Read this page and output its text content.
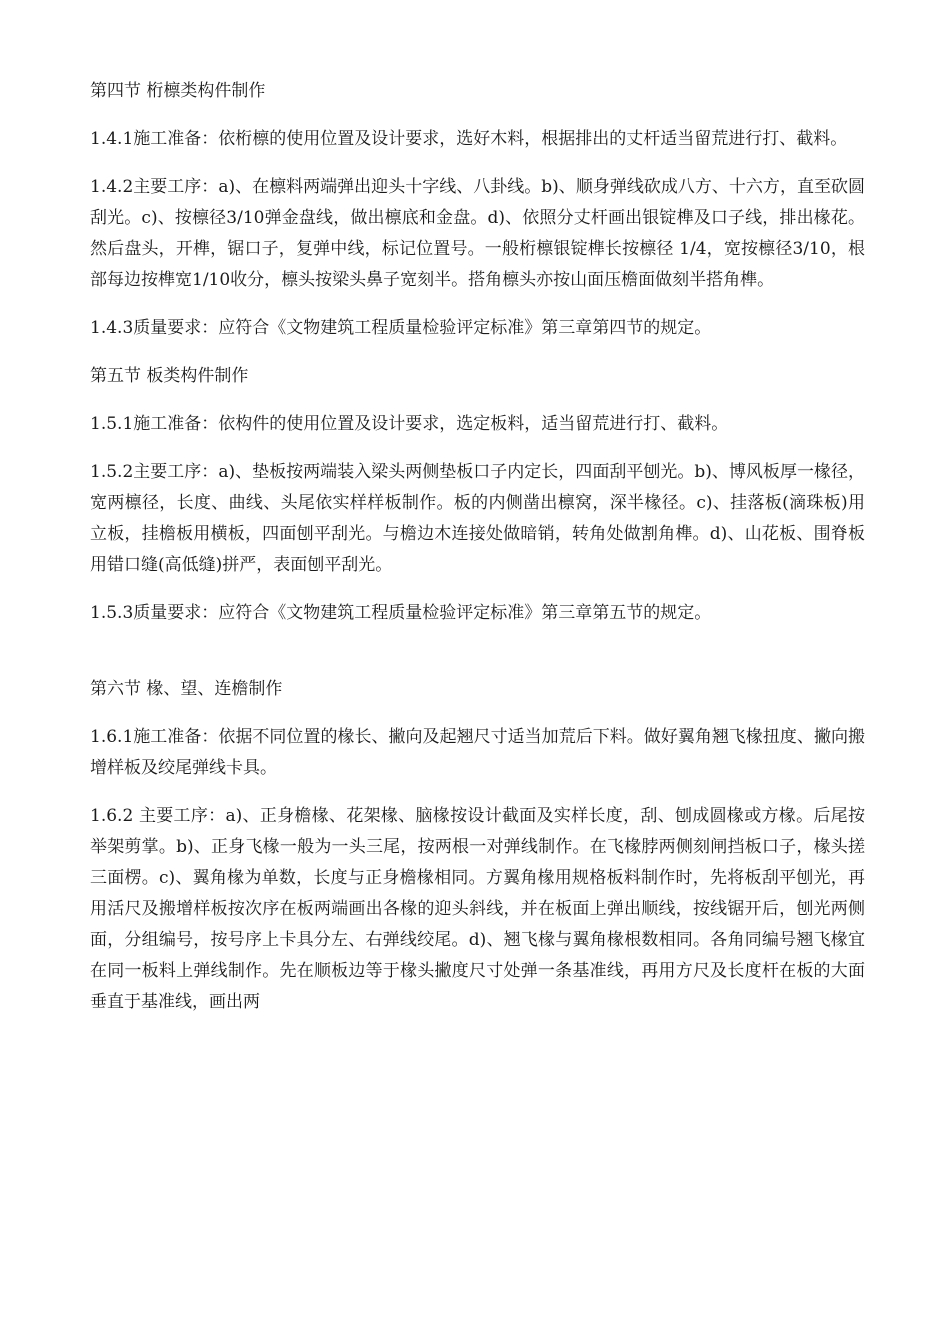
第四节 桁檩类构件制作

1.4.1施工准备：依桁檩的使用位置及设计要求，选好木料，根据排出的丈杆适当留荒进行打、截料。

1.4.2主要工序：a)、在檩料两端弹出迎头十字线、八卦线。b)、顺身弹线砍成八方、十六方，直至砍圆刮光。c)、按檩径3/10弹金盘线，做出檩底和金盘。d)、依照分丈杆画出银锭榫及口子线，排出椽花。然后盘头，开榫，锯口子，复弹中线，标记位置号。一般桁檩银锭榫长按檩径 1/4，宽按檩径3/10，根部每边按榫宽1/10收分，檩头按梁头鼻子宽刻半。搭角檩头亦按山面压檐面做刻半搭角榫。

1.4.3质量要求：应符合《文物建筑工程质量检验评定标准》第三章第四节的规定。

第五节 板类构件制作

1.5.1施工准备：依构件的使用位置及设计要求，选定板料，适当留荒进行打、截料。

1.5.2主要工序：a)、垫板按两端装入梁头两侧垫板口子内定长，四面刮平刨光。b)、博风板厚一椽径，宽两檩径，长度、曲线、头尾依实样样板制作。板的内侧凿出檩窝，深半椽径。c)、挂落板(滴珠板)用立板，挂檐板用横板，四面刨平刮光。与檐边木连接处做暗销，转角处做割角榫。d)、山花板、围脊板用错口缝(高低缝)拼严，表面刨平刮光。

1.5.3质量要求：应符合《文物建筑工程质量检验评定标准》第三章第五节的规定。

第六节 椽、望、连檐制作

1.6.1施工准备：依据不同位置的椽长、撇向及起翘尺寸适当加荒后下料。做好翼角翘飞椽扭度、撇向搬增样板及绞尾弹线卡具。

1.6.2 主要工序：a)、正身檐椽、花架椽、脑椽按设计截面及实样长度，刮、刨成圆椽或方椽。后尾按举架剪掌。b)、正身飞椽一般为一头三尾，按两根一对弹线制作。在飞椽脖两侧刻闸挡板口子，椽头搓三面楞。c)、翼角椽为单数，长度与正身檐椽相同。方翼角椽用规格板料制作时，先将板刮平刨光，再用活尺及搬增样板按次序在板两端画出各椽的迎头斜线，并在板面上弹出顺线，按线锯开后，刨光两侧面，分组编号，按号序上卡具分左、右弹线绞尾。d)、翘飞椽与翼角椽根数相同。各角同编号翘飞椽宜在同一板料上弹线制作。先在顺板边等于椽头撇度尺寸处弹一条基准线，再用方尺及长度杆在板的大面垂直于基准线，画出两
